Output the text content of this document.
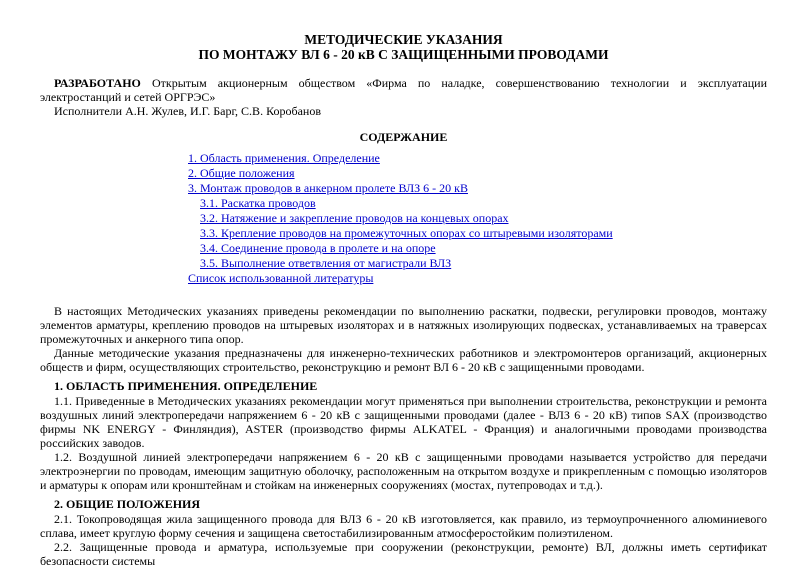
МЕТОДИЧЕСКИЕ УКАЗАНИЯ
ПО МОНТАЖУ ВЛ 6 - 20 кВ С ЗАЩИЩЕННЫМИ ПРОВОДАМИ
РАЗРАБОТАНО Открытым акционерным обществом «Фирма по наладке, совершенствованию технологии и эксплуатации электростанций и сетей ОРГРЭС»
Исполнители А.Н. Жулев, И.Г. Барг, С.В. Коробанов
СОДЕРЖАНИЕ
1. Область применения. Определение
2. Общие положения
3. Монтаж проводов в анкерном пролете ВЛЗ 6 - 20 кВ
3.1. Раскатка проводов
3.2. Натяжение и закрепление проводов на концевых опорах
3.3. Крепление проводов на промежуточных опорах со штыревыми изоляторами
3.4. Соединение провода в пролете и на опоре
3.5. Выполнение ответвления от магистрали ВЛЗ
Список использованной литературы

В настоящих Методических указаниях приведены рекомендации по выполнению раскатки, подвески, регулировки проводов, монтажу элементов арматуры, креплению проводов на штыревых изоляторах и в натяжных изолирующих подвесках, устанавливаемых на траверсах промежуточных и анкерного типа опор.

Данные методические указания предназначены для инженерно-технических работников и электромонтеров организаций, акционерных обществ и фирм, осуществляющих строительство, реконструкцию и ремонт ВЛ 6 - 20 кВ с защищенными проводами.

1. ОБЛАСТЬ ПРИМЕНЕНИЯ. ОПРЕДЕЛЕНИЕ

1.1. Приведенные в Методических указаниях рекомендации могут применяться при выполнении строительства, реконструкции и ремонта воздушных линий электропередачи напряжением 6 - 20 кВ с защищенными проводами (далее - ВЛЗ 6 - 20 кВ) типов SAX (производство фирмы NK ENERGY - Финляндия), ASTER (производство фирмы ALKATEL - Франция) и аналогичными проводами производства российских заводов.

1.2. Воздушной линией электропередачи напряжением 6 - 20 кВ с защищенными проводами называется устройство для передачи электроэнергии по проводам, имеющим защитную оболочку, расположенным на открытом воздухе и прикрепленным с помощью изоляторов и арматуры к опорам или кронштейнам и стойкам на инженерных сооружениях (мостах, путепроводах и т.д.).

2. ОБЩИЕ ПОЛОЖЕНИЯ

2.1. Токопроводящая жила защищенного провода для ВЛЗ 6 - 20 кВ изготовляется, как правило, из термоупрочненного алюминиевого сплава, имеет круглую форму сечения и защищена светостабилизированным атмосферостойким полиэтиленом.

2.2. Защищенные провода и арматура, используемые при сооружении (реконструкции, ремонте) ВЛ, должны иметь сертификат безопасности системы
